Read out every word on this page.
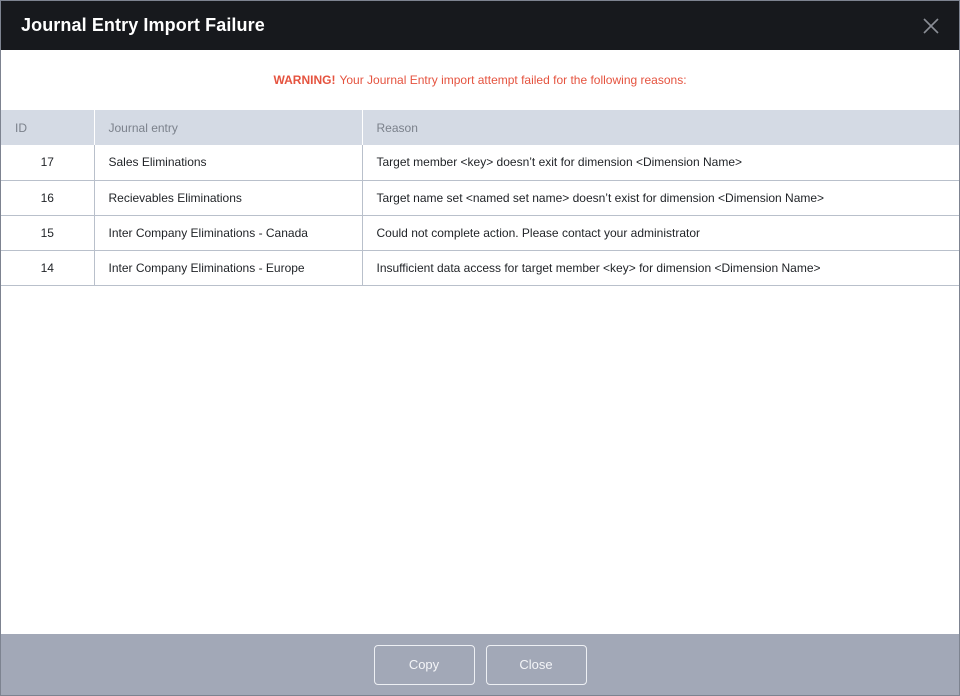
Journal Entry Import Failure
WARNING! Your Journal Entry import attempt failed for the following reasons:
ID	Journal entry	Reason
17	Sales Eliminations	Target member <key> doesn’t exit for dimension <Dimension Name>
16	Recievables Eliminations	Target name set <named set name> doesn’t exist for dimension <Dimension Name>
15	Inter Company Eliminations - Canada	Could not complete action. Please contact your administrator
14	Inter Company Eliminations - Europe	Insufficient data access for target member <key> for dimension <Dimension Name>
Copy	Close
